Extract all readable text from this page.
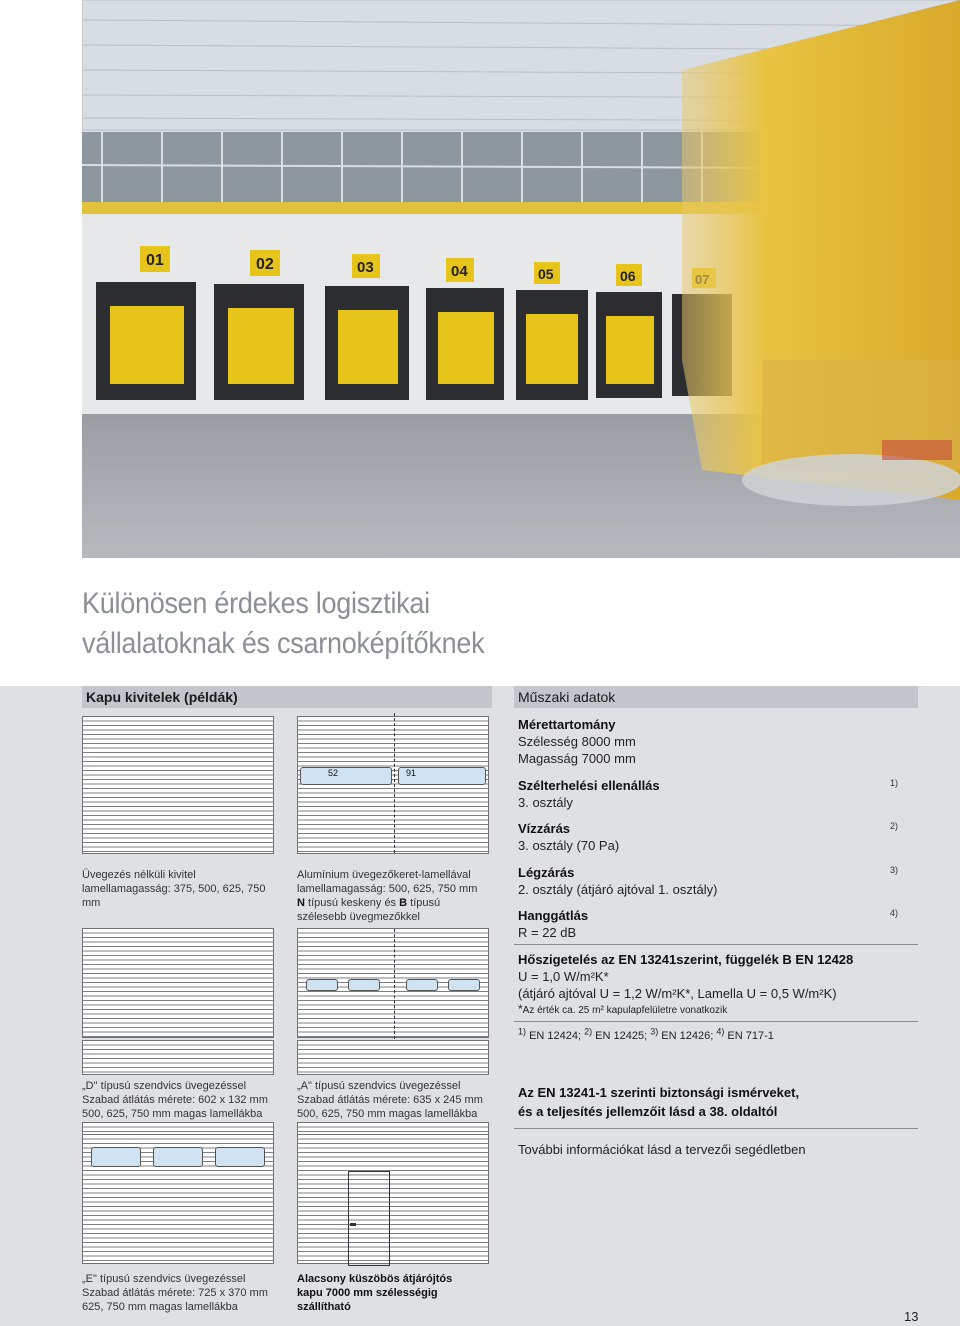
01	02	03	04	05	06
Különösen érdekes logisztikai
vállalatoknak és csarnoképítőknek
Kapu kivitelek (példák)
Üvegezés nélküli kivitel lamellamagasság: 375, 500, 625, 750 mm
52	91
Alumínium üvegezőkeret-lamellával
lamellamagasság: 500, 625, 750 mm
N típusú keskeny és B típusú
szélesebb üvegmezőkkel
„D" típusú szendvics üvegezéssel
Szabad átlátás mérete: 602 x 132 mm
500, 625, 750 mm magas lamellákba
„A" típusú szendvics üvegezéssel
Szabad átlátás mérete: 635 x 245 mm
500, 625, 750 mm magas lamellákba
„E" típusú szendvics üvegezéssel
Szabad átlátás mérete: 725 x 370 mm
625, 750 mm magas lamellákba
Alacsony küszöbös átjárójtós
kapu 7000 mm szélességig
szállítható
Műszaki adatok
Mérettartomány
Szélesség 8000 mm
Magasság 7000 mm
Szélterhelési ellenállás
3. osztály
1)
Vízzárás
3. osztály (70 Pa)
2)
Légzárás
2. osztály (átjáró ajtóval 1. osztály)
3)
Hanggátlás
R = 22 dB
4)
Hőszigetelés az EN 13241szerint, függelék B EN 12428
U = 1,0 W/m²K*
(átjáró ajtóval U = 1,2 W/m²K*, Lamella U = 0,5 W/m²K)
*Az érték ca. 25 m² kapulapfelületre vonatkozik
$^{1)}$ EN 12424; $^{2)}$ EN 12425; $^{3)}$ EN 12426; $^{4)}$ EN 717-1
Az EN 13241-1 szerinti biztonsági ismérveket,
és a teljesítés jellemzőit lásd a 38. oldaltól
További információkat lásd a tervezői segédletben
13
